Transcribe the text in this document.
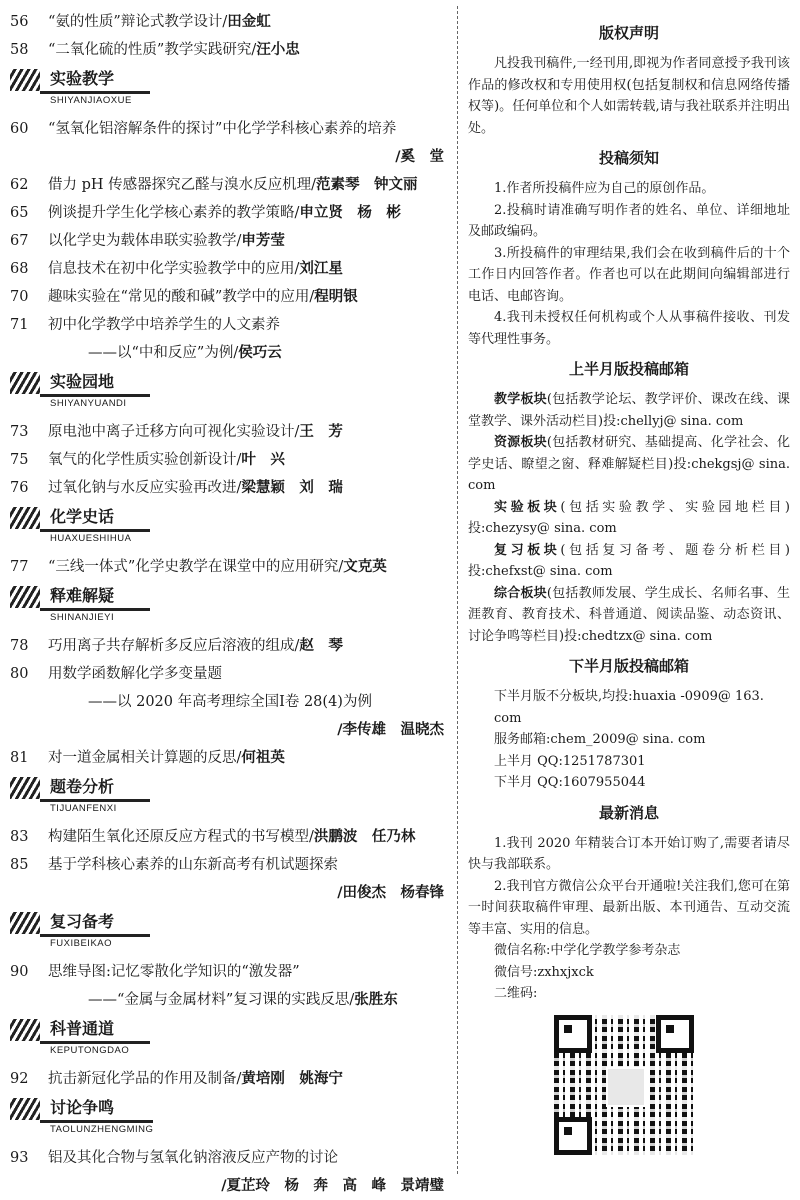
56	“氨的性质”辩论式教学设计/田金虹
58	“二氧化硫的性质”教学实践研究/汪小忠
实验教学
SHIYANJIAOXUE
60	“氢氧化铝溶解条件的探讨”中化学学科核心素养的培养
/奚　堂
62	借力 pH 传感器探究乙醛与溴水反应机理/范素琴　钟文丽
65	例谈提升学生化学核心素养的教学策略/申立贤　杨　彬
67	以化学史为载体串联实验教学/申芳莹
68	信息技术在初中化学实验教学中的应用/刘江星
70	趣味实验在“常见的酸和碱”教学中的应用/程明银
71	初中化学教学中培养学生的人文素养
——以“中和反应”为例/侯巧云
实验园地
SHIYANYUANDI
73	原电池中离子迁移方向可视化实验设计/王　芳
75	氧气的化学性质实验创新设计/叶　兴
76	过氧化钠与水反应实验再改进/梁慧颖　刘　瑞
化学史话
HUAXUESHIHUA
77	“三线一体式”化学史教学在课堂中的应用研究/文克英
释难解疑
SHINANJIEYI
78	巧用离子共存解析多反应后溶液的组成/赵　琴
80	用数学函数解化学多变量题
——以 2020 年高考理综全国Ⅰ卷 28(4)为例
/李传雄　温晓杰
81	对一道金属相关计算题的反思/何祖英
题卷分析
TIJUANFENXI
83	构建陌生氧化还原反应方程式的书写模型/洪鹏波　任乃林
85	基于学科核心素养的山东新高考有机试题探索
/田俊杰　杨春锋
复习备考
FUXIBEIKAO
90	思维导图:记忆零散化学知识的“激发器”
——“金属与金属材料”复习课的实践反思/张胜东
科普通道
KEPUTONGDAO
92	抗击新冠化学品的作用及制备/黄培刚　姚海宁
讨论争鸣
TAOLUNZHENGMING
93	铝及其化合物与氢氧化钠溶液反应产物的讨论
/夏芷玲　杨　奔　高　峰　景靖璧
版权声明

凡投我刊稿件,一经刊用,即视为作者同意授予我刊该作品的修改权和专用使用权(包括复制权和信息网络传播权等)。任何单位和个人如需转载,请与我社联系并注明出处。

投稿须知

1.作者所投稿件应为自己的原创作品。

2.投稿时请准确写明作者的姓名、单位、详细地址及邮政编码。

3.所投稿件的审理结果,我们会在收到稿件后的十个工作日内回答作者。作者也可以在此期间向编辑部进行电话、电邮咨询。

4.我刊未授权任何机构或个人从事稿件接收、刊发等代理性事务。

上半月版投稿邮箱

教学板块(包括教学论坛、教学评价、课改在线、课堂教学、课外活动栏目)投:chellyj@ sina. com

资源板块(包括教材研究、基础提高、化学社会、化学史话、瞭望之窗、释难解疑栏目)投:chekgsj@ sina. com

实验板块(包括实验教学、实验园地栏目)投:chezysy@ sina. com

复习板块(包括复习备考、题卷分析栏目)投:chefxst@ sina. com

综合板块(包括教师发展、学生成长、名师名事、生涯教育、教育技术、科普通道、阅读品鉴、动态资讯、讨论争鸣等栏目)投:chedtzx@ sina. com

下半月版投稿邮箱

下半月版不分板块,均投:huaxia -0909@ 163. com

服务邮箱:chem_2009@ sina. com

上半月 QQ:1251787301

下半月 QQ:1607955044

最新消息

1.我刊 2020 年精装合订本开始订购了,需要者请尽快与我部联系。

2.我刊官方微信公众平台开通啦!关注我们,您可在第一时间获取稿件审理、最新出版、本刊通告、互动交流等丰富、实用的信息。

微信名称:中学化学教学参考杂志

微信号:zxhxjxck

二维码:
